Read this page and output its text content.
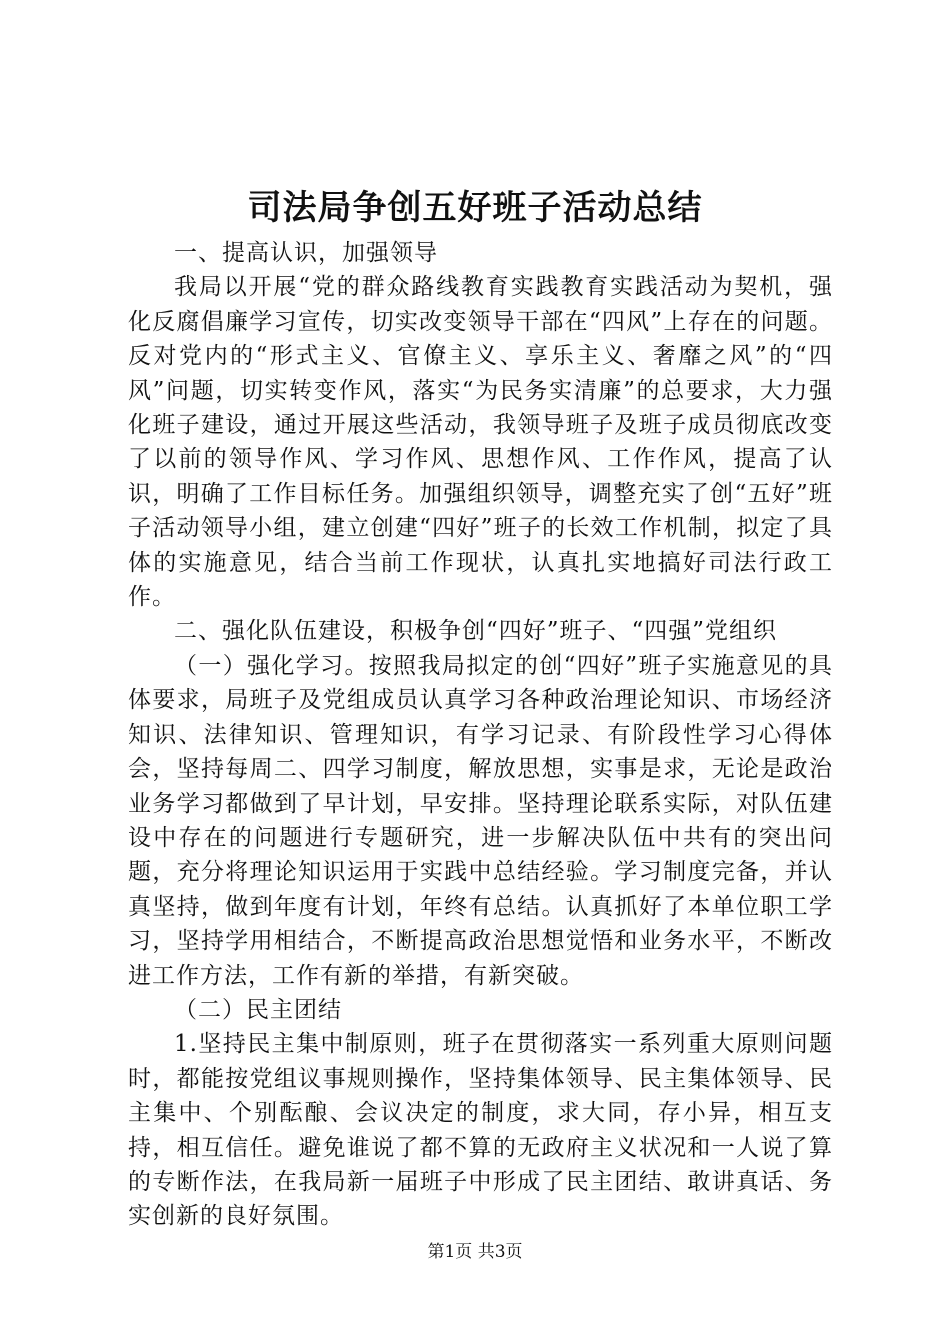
司法局争创五好班子活动总结

一、提高认识，加强领导

我局以开展“党的群众路线教育实践教育实践活动为契机，强化反腐倡廉学习宣传，切实改变领导干部在“四风”上存在的问题。反对党内的“形式主义、官僚主义、享乐主义、奢靡之风”的“四风”问题，切实转变作风，落实“为民务实清廉”的总要求，大力强化班子建设，通过开展这些活动，我领导班子及班子成员彻底改变了以前的领导作风、学习作风、思想作风、工作作风，提高了认识，明确了工作目标任务。加强组织领导，调整充实了创“五好”班子活动领导小组，建立创建“四好”班子的长效工作机制，拟定了具体的实施意见，结合当前工作现状，认真扎实地搞好司法行政工作。

二、强化队伍建设，积极争创“四好”班子、“四强”党组织

（一）强化学习。按照我局拟定的创“四好”班子实施意见的具体要求，局班子及党组成员认真学习各种政治理论知识、市场经济知识、法律知识、管理知识，有学习记录、有阶段性学习心得体会，坚持每周二、四学习制度，解放思想，实事是求，无论是政治业务学习都做到了早计划，早安排。坚持理论联系实际，对队伍建设中存在的问题进行专题研究，进一步解决队伍中共有的突出问题，充分将理论知识运用于实践中总结经验。学习制度完备，并认真坚持，做到年度有计划，年终有总结。认真抓好了本单位职工学习，坚持学用相结合，不断提高政治思想觉悟和业务水平，不断改进工作方法，工作有新的举措，有新突破。

（二）民主团结

1.坚持民主集中制原则，班子在贯彻落实一系列重大原则问题时，都能按党组议事规则操作，坚持集体领导、民主集体领导、民主集中、个别酝酿、会议决定的制度，求大同，存小异，相互支持，相互信任。避免谁说了都不算的无政府主义状况和一人说了算的专断作法，在我局新一届班子中形成了民主团结、敢讲真话、务实创新的良好氛围。

第1页 共3页
